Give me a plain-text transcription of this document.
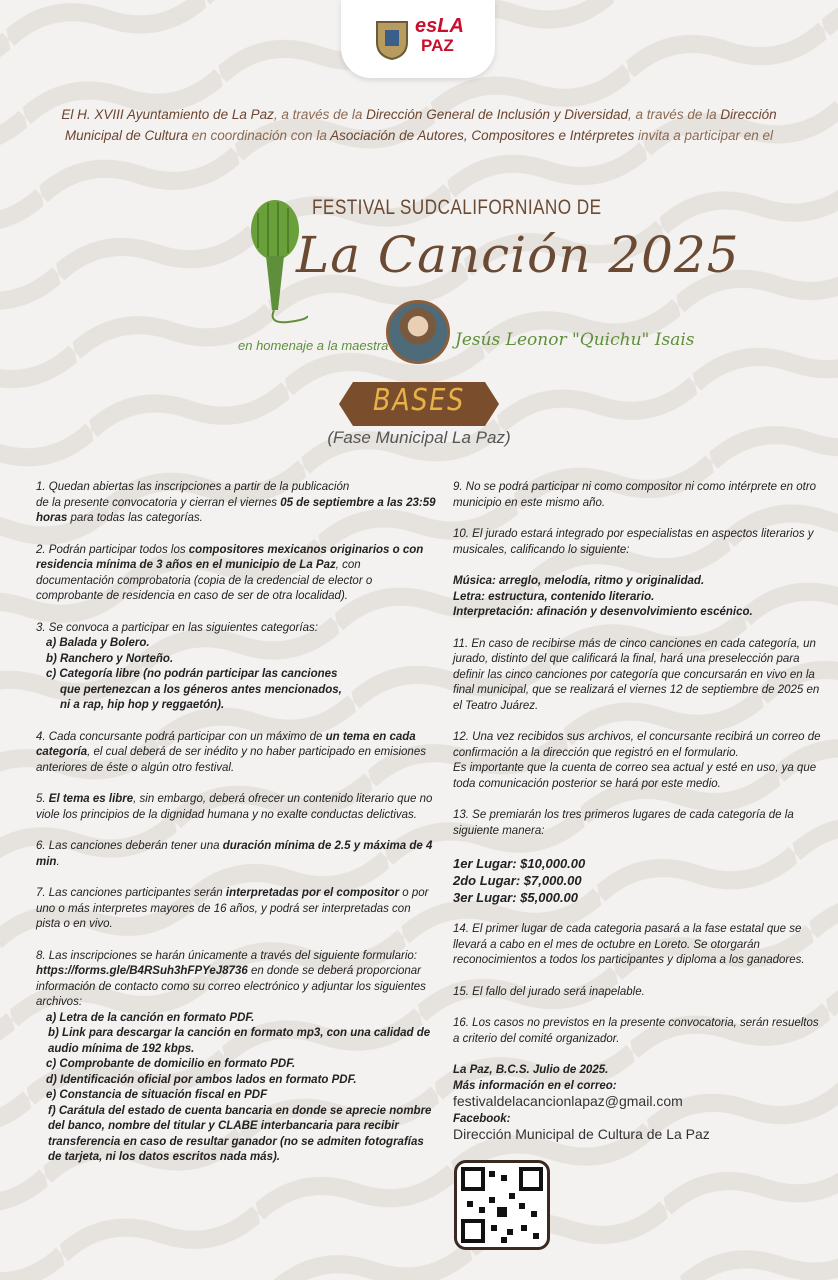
esLA
PAZ
El H. XVIII Ayuntamiento de La Paz, a través de la Dirección General de Inclusión y Diversidad, a través de la Dirección Municipal de Cultura en coordinación con la Asociación de Autores, Compositores e Intérpretes invita a participar en el
FESTIVAL SUDCALIFORNIANO DE
La Canción 2025
en homenaje a la maestra	Jesús Leonor "Quichu" Isais
BASES
(Fase Municipal La Paz)

1. Quedan abiertas las inscripciones a partir de la publicación
de la presente convocatoria y cierran el viernes 05 de septiembre a las 23:59 horas para todas las categorías.

2. Podrán participar todos los compositores mexicanos originarios o con residencia mínima de 3 años en el municipio de La Paz, con documentación comprobatoria (copia de la credencial de elector o comprobante de residencia en caso de ser de otra localidad).

3. Se convoca a participar en las siguientes categorías:
a) Balada y Bolero.
b) Ranchero y Norteño.
c) Categoría libre (no podrán participar las canciones
que pertenezcan a los géneros antes mencionados,
ni a rap, hip hop y reggaetón).

4. Cada concursante podrá participar con un máximo de un tema en cada categoría, el cual deberá de ser inédito y no haber participado en emisiones anteriores de éste o algún otro festival.

5. El tema es libre, sin embargo, deberá ofrecer un contenido literario que no viole los principios de la dignidad humana y no exalte conductas delictivas.

6. Las canciones deberán tener una duración mínima de 2.5 y máxima de 4 min.

7. Las canciones participantes serán interpretadas por el compositor o por uno o más interpretes mayores de 16 años, y podrá ser interpretadas con pista o en vivo.

8. Las inscripciones se harán únicamente a través del siguiente formulario: https://forms.gle/B4RSuh3hFPYeJ8736 en donde se deberá proporcionar información de contacto como su correo electrónico y adjuntar los siguientes archivos:
a) Letra de la canción en formato PDF.

b) Link para descargar la canción en formato mp3, con una calidad de audio mínima de 192 kbps.
c) Comprobante de domicilio en formato PDF.
d) Identificación oficial por ambos lados en formato PDF.
e) Constancia de situación fiscal en PDF

f) Carátula del estado de cuenta bancaria en donde se aprecie nombre del banco, nombre del titular y CLABE interbancaria para recibir transferencia en caso de resultar ganador (no se admiten fotografías de tarjeta, ni los datos escritos nada más).

9. No se podrá participar ni como compositor ni como intérprete en otro municipio en este mismo año.

10. El jurado estará integrado por especialistas en aspectos literarios y musicales, calificando lo siguiente:

Música: arreglo, melodía, ritmo y originalidad.
Letra: estructura, contenido literario.
Interpretación: afinación y desenvolvimiento escénico.

11. En caso de recibirse más de cinco canciones en cada categoría, un jurado, distinto del que calificará la final, hará una preselección para definir las cinco canciones por categoría que concursarán en vivo en la final municipal, que se realizará el viernes 12 de septiembre de 2025 en el Teatro Juárez.

12. Una vez recibidos sus archivos, el concursante recibirá un correo de confirmación a la dirección que registró en el formulario.
Es importante que la cuenta de correo sea actual y esté en uso, ya que toda comunicación posterior se hará por este medio.

13. Se premiarán los tres primeros lugares de cada categoría de la siguiente manera:

1er Lugar: $10,000.00
2do Lugar: $7,000.00
3er Lugar: $5,000.00

14. El primer lugar de cada categoria pasará a la fase estatal que se llevará a cabo en el mes de octubre en Loreto. Se otorgarán reconocimientos a todos los participantes y diploma a los ganadores.

15. El fallo del jurado será inapelable.

16. Los casos no previstos en la presente convocatoria, serán resueltos a criterio del comité organizador.

La Paz, B.C.S. Julio de 2025.
Más información en el correo:
festivaldelacancionlapaz@gmail.com
Facebook:
Dirección Municipal de Cultura de La Paz
